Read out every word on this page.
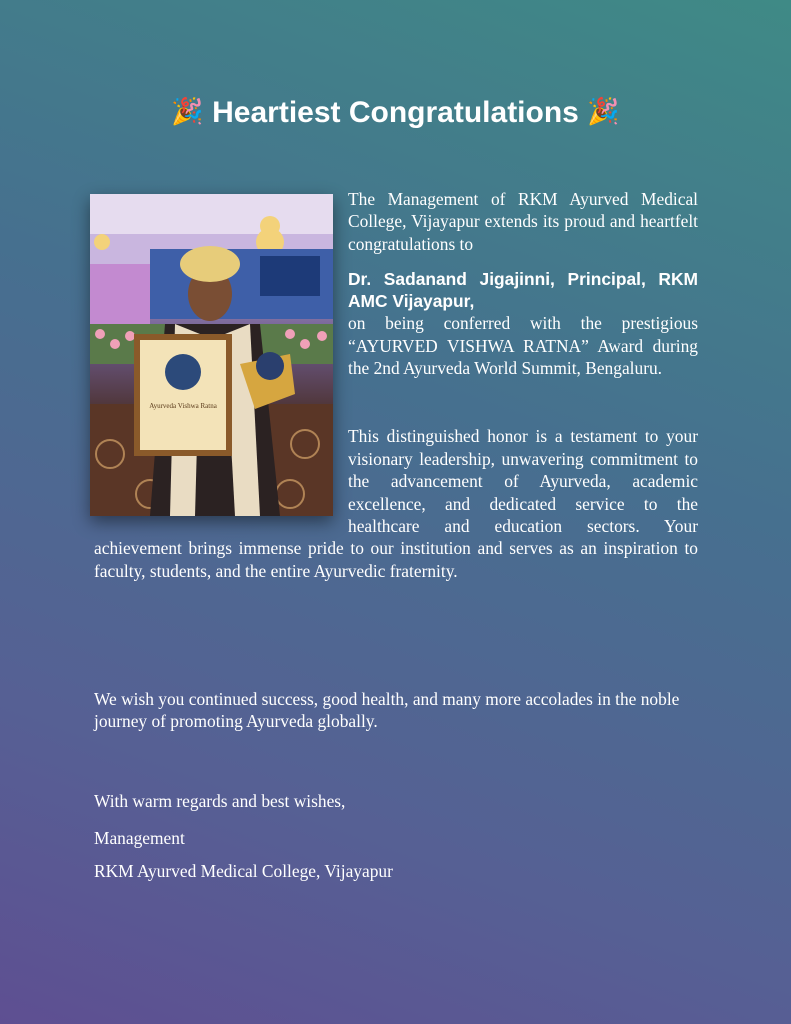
🎉 Heartiest Congratulations 🎉
Ayurveda Vishwa Ratna

The Management of RKM Ayurved Medical College, Vijayapur extends its proud and heartfelt congratulations to

Dr. Sadanand Jigajinni, Principal, RKM AMC Vijayapur,

on being conferred with the prestigious “AYURVED VISHWA RATNA” Award during the 2nd Ayurveda World Summit, Bengaluru.

This distinguished honor is a testament to your visionary leadership, unwavering commitment to the advancement of Ayurveda, academic excellence, and dedicated service to the healthcare and education sectors. Your achievement brings immense pride to our institution and serves as an inspiration to faculty, students, and the entire Ayurvedic fraternity.

We wish you continued success, good health, and many more accolades in the noble journey of promoting Ayurveda globally.

With warm regards and best wishes,
Management
RKM Ayurved Medical College, Vijayapur
